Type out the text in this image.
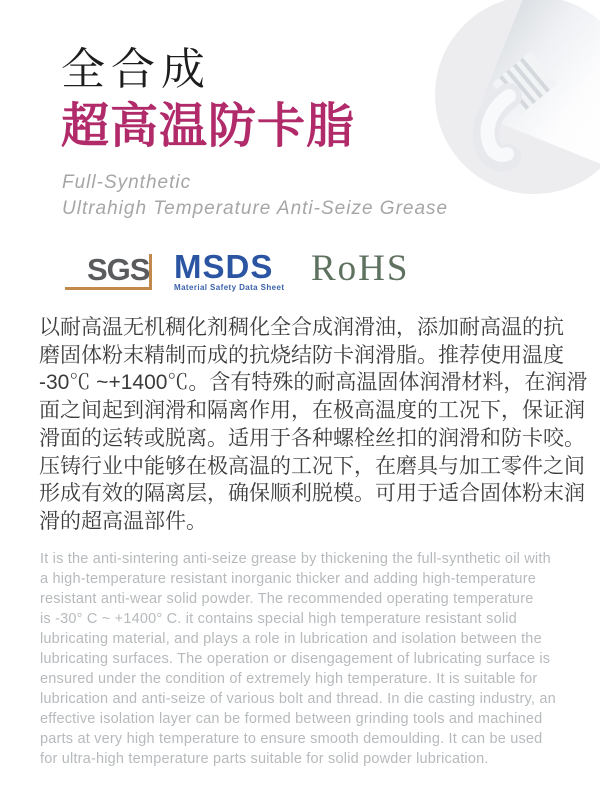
全合成
超高温防卡脂
Full-Synthetic
Ultrahigh Temperature Anti-Seize Grease
SGS MSDS
Material Safety Data Sheet RoHS
以耐高温无机稠化剂稠化全合成润滑油，添加耐高温的抗
磨固体粉末精制而成的抗烧结防卡润滑脂。推荐使用温度
-30℃ ~+1400℃。含有特殊的耐高温固体润滑材料，在润滑
面之间起到润滑和隔离作用，在极高温度的工况下，保证润
滑面的运转或脱离。适用于各种螺栓丝扣的润滑和防卡咬。
压铸行业中能够在极高温的工况下，在磨具与加工零件之间
形成有效的隔离层，确保顺利脱模。可用于适合固体粉末润
滑的超高温部件。
It is the anti-sintering anti-seize grease by thickening the full-synthetic oil with
a high-temperature resistant inorganic thicker and adding high-temperature
resistant anti-wear solid powder. The recommended operating temperature
is -30° C ~ +1400° C. it contains special high temperature resistant solid
lubricating material, and plays a role in lubrication and isolation between the
lubricating surfaces. The operation or disengagement of lubricating surface is
ensured under the condition of extremely high temperature. It is suitable for
lubrication and anti-seize of various bolt and thread. In die casting industry, an
effective isolation layer can be formed between grinding tools and machined
parts at very high temperature to ensure smooth demoulding. It can be used
for ultra-high temperature parts suitable for solid powder lubrication.
